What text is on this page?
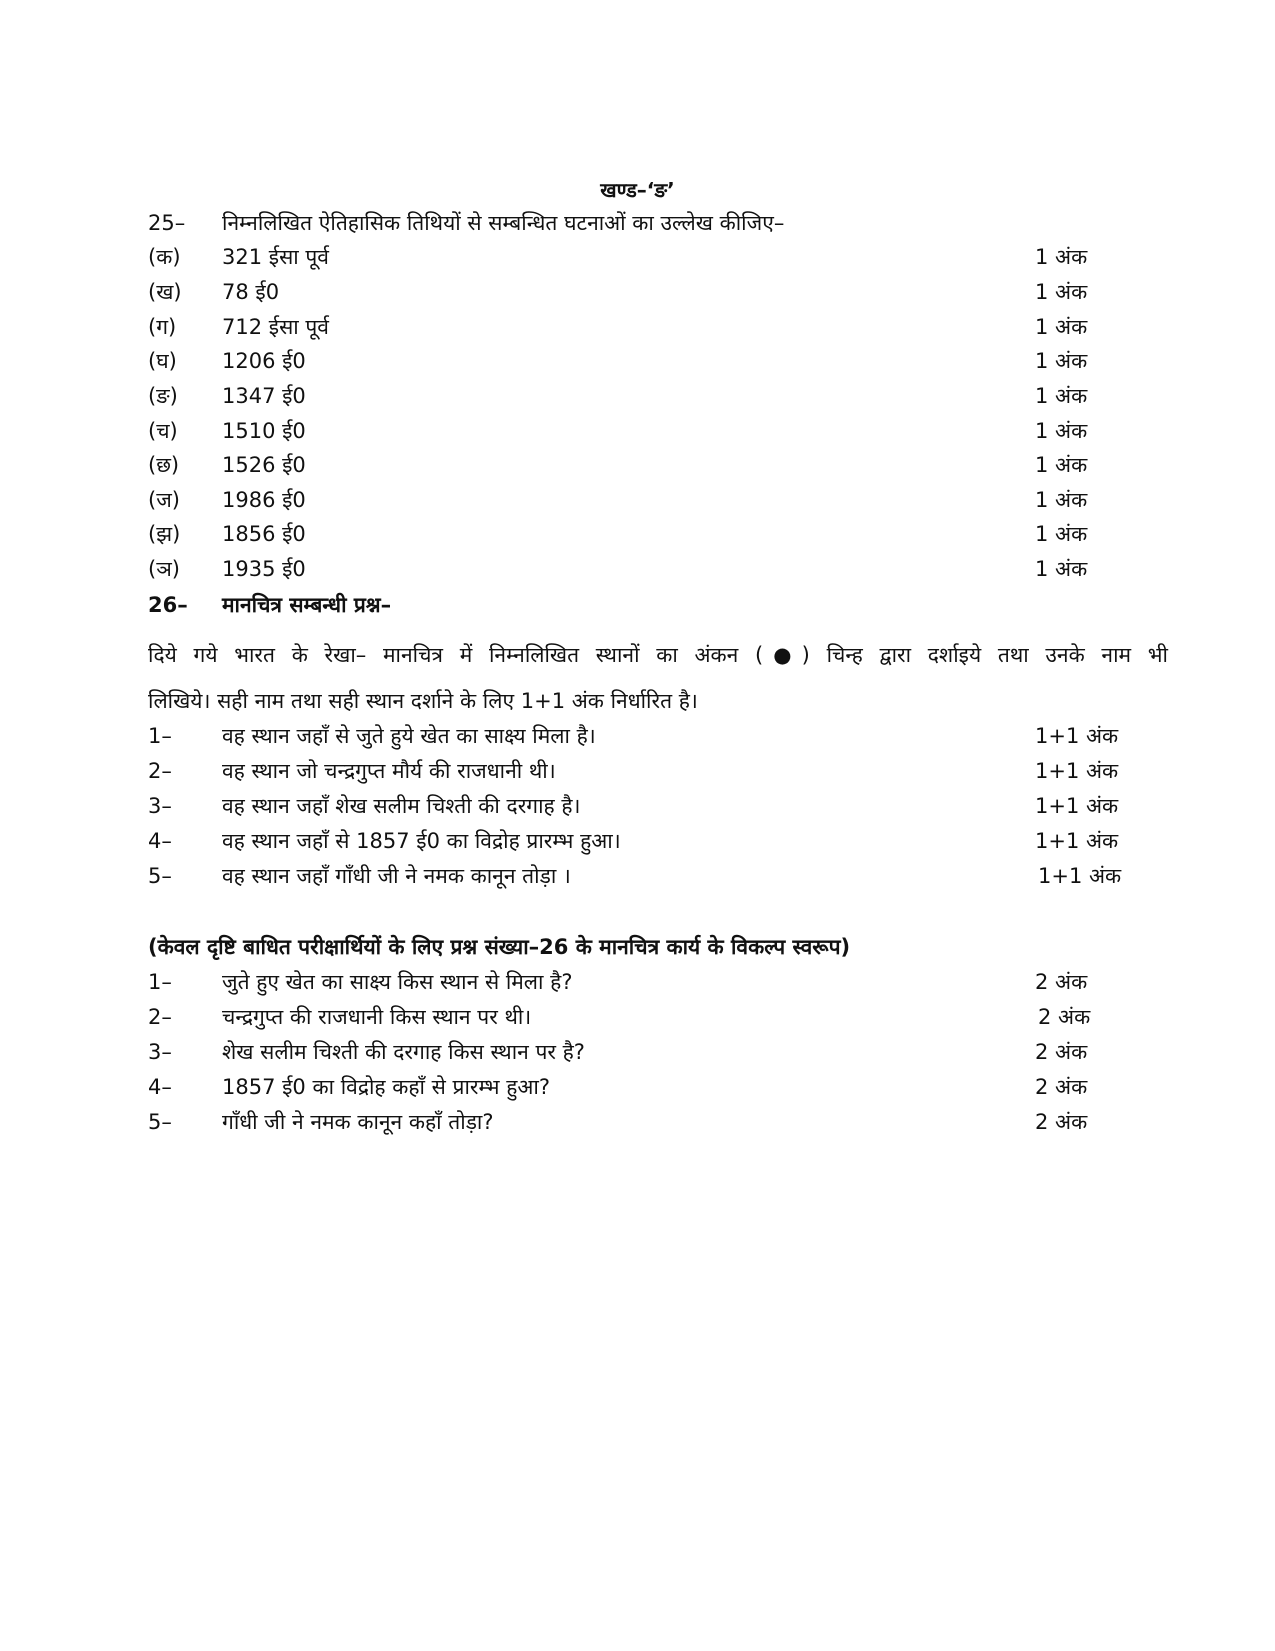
खण्ड–‘ङ’
25–	निम्नलिखित ऐतिहासिक तिथियों से सम्बन्धित घटनाओं का उल्लेख कीजिए–
(क)	321 ईसा पूर्व	1 अंक
(ख)	78 ई0	1 अंक
(ग)	712 ईसा पूर्व	1 अंक
(घ)	1206 ई0	1 अंक
(ङ)	1347 ई0	1 अंक
(च)	1510 ई0	1 अंक
(छ)	1526 ई0	1 अंक
(ज)	1986 ई0	1 अंक
(झ)	1856 ई0	1 अंक
(ञ)	1935 ई0	1 अंक
26–	मानचित्र सम्बन्धी प्रश्न–
दिये गये भारत के रेखा– मानचित्र में निम्नलिखित स्थानों का अंकन (●) चिन्ह द्वारा दर्शाइये तथा उनके नाम भी
लिखिये। सही नाम तथा सही स्थान दर्शाने के लिए 1+1 अंक निर्धारित है।
1–	वह स्थान जहाँ से जुते हुये खेत का साक्ष्य मिला है।	1+1 अंक
2–	वह स्थान जो चन्द्रगुप्त मौर्य की राजधानी थी।	1+1 अंक
3–	वह स्थान जहाँ शेख सलीम चिश्ती की दरगाह है।	1+1 अंक
4–	वह स्थान जहाँ से 1857 ई0 का विद्रोह प्रारम्भ हुआ।	1+1 अंक
5–	वह स्थान जहाँ गाँधी जी ने नमक कानून तोड़ा ।	1+1 अंक
(केवल दृष्टि बाधित परीक्षार्थियों के लिए प्रश्न संख्या–26 के मानचित्र कार्य के विकल्प स्वरूप)
1–	जुते हुए खेत का साक्ष्य किस स्थान से मिला है?	2 अंक
2–	चन्द्रगुप्त की राजधानी किस स्थान पर थी।	2 अंक
3–	शेख सलीम चिश्ती की दरगाह किस स्थान पर है?	2 अंक
4–	1857 ई0 का विद्रोह कहाँ से प्रारम्भ हुआ?	2 अंक
5–	गाँधी जी ने नमक कानून कहाँ तोड़ा?	2 अंक
